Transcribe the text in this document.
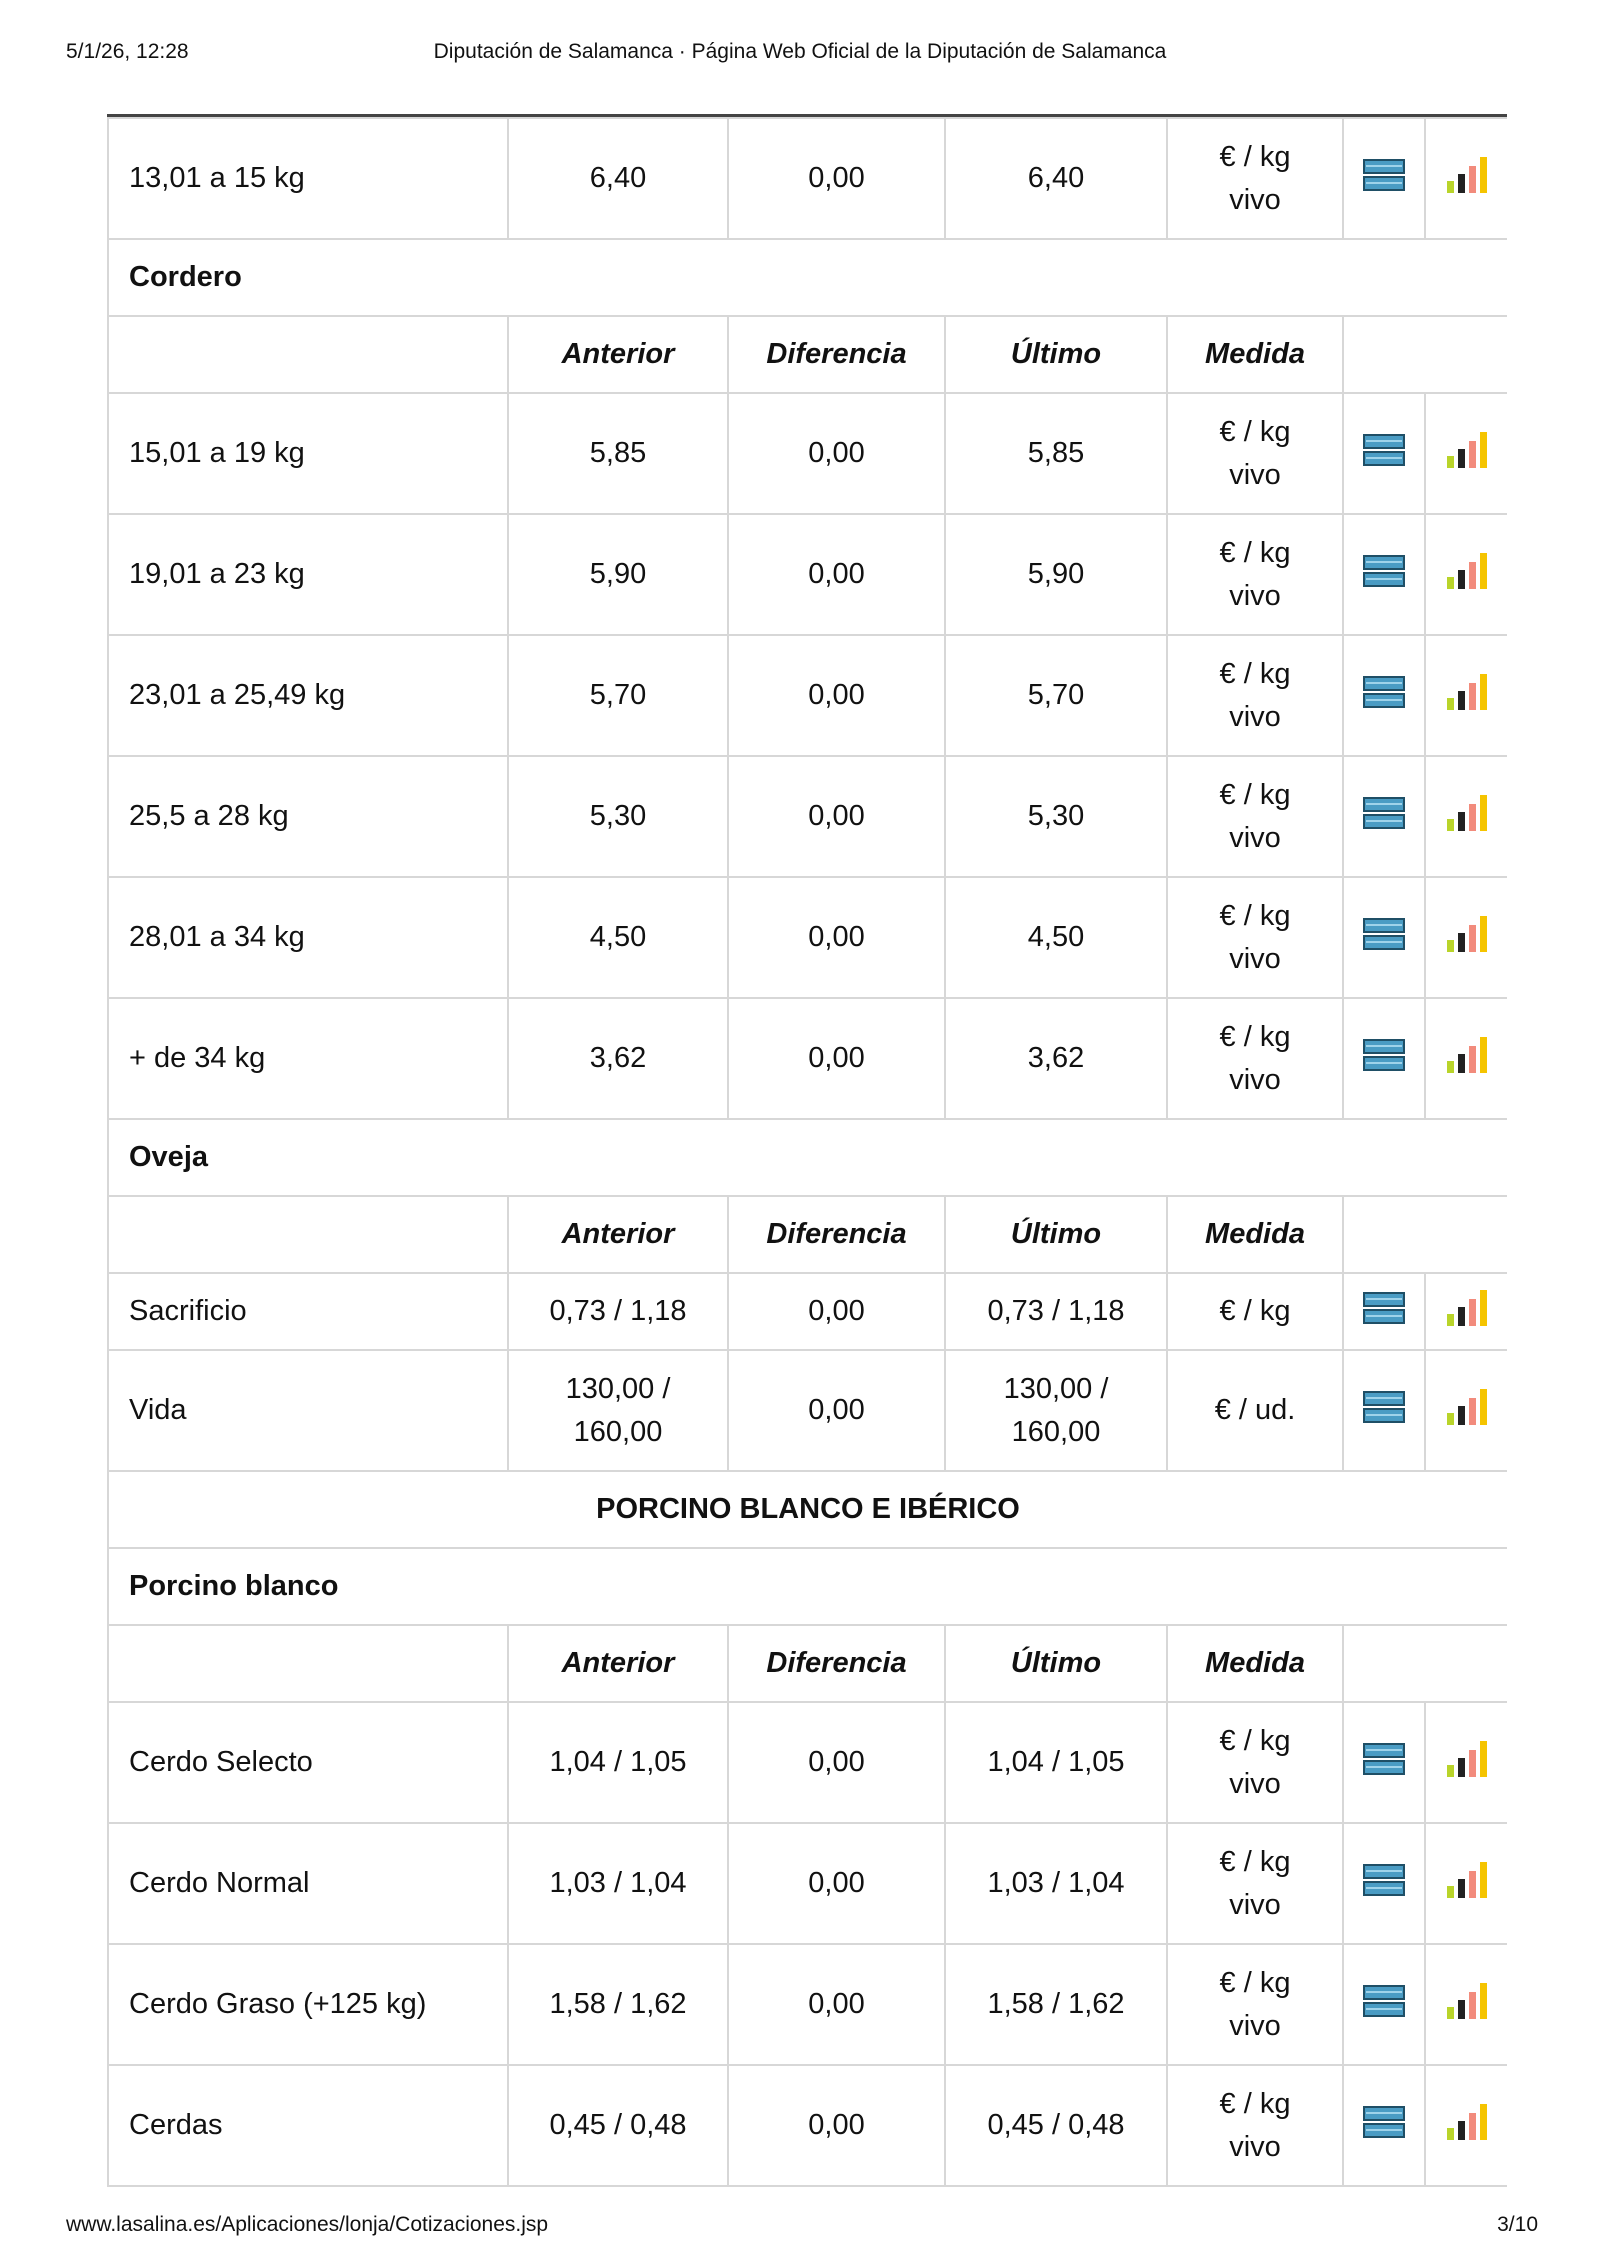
5/1/26, 12:28	Diputación de Salamanca · Página Web Oficial de la Diputación de Salamanca
13,01 a 15 kg	6,40	0,00	6,40	€ / kg
vivo		
Cordero						
	Anterior	Diferencia	Último	Medida		
15,01 a 19 kg	5,85	0,00	5,85	€ / kg
vivo		
19,01 a 23 kg	5,90	0,00	5,90	€ / kg
vivo		
23,01 a 25,49 kg	5,70	0,00	5,70	€ / kg
vivo		
25,5 a 28 kg	5,30	0,00	5,30	€ / kg
vivo		
28,01 a 34 kg	4,50	0,00	4,50	€ / kg
vivo		
+ de 34 kg	3,62	0,00	3,62	€ / kg
vivo		
Oveja						
	Anterior	Diferencia	Último	Medida		
Sacrificio	0,73 / 1,18	0,00	0,73 / 1,18	€ / kg		
Vida	130,00 /
160,00	0,00	130,00 /
160,00	€ / ud.		
PORCINO BLANCO E IBÉRICO						
Porcino blanco						
	Anterior	Diferencia	Último	Medida		
Cerdo Selecto	1,04 / 1,05	0,00	1,04 / 1,05	€ / kg
vivo		
Cerdo Normal	1,03 / 1,04	0,00	1,03 / 1,04	€ / kg
vivo		
Cerdo Graso (+125 kg)	1,58 / 1,62	0,00	1,58 / 1,62	€ / kg
vivo		
Cerdas	0,45 / 0,48	0,00	0,45 / 0,48	€ / kg
vivo		
www.lasalina.es/Aplicaciones/lonja/Cotizaciones.jsp	3/10
